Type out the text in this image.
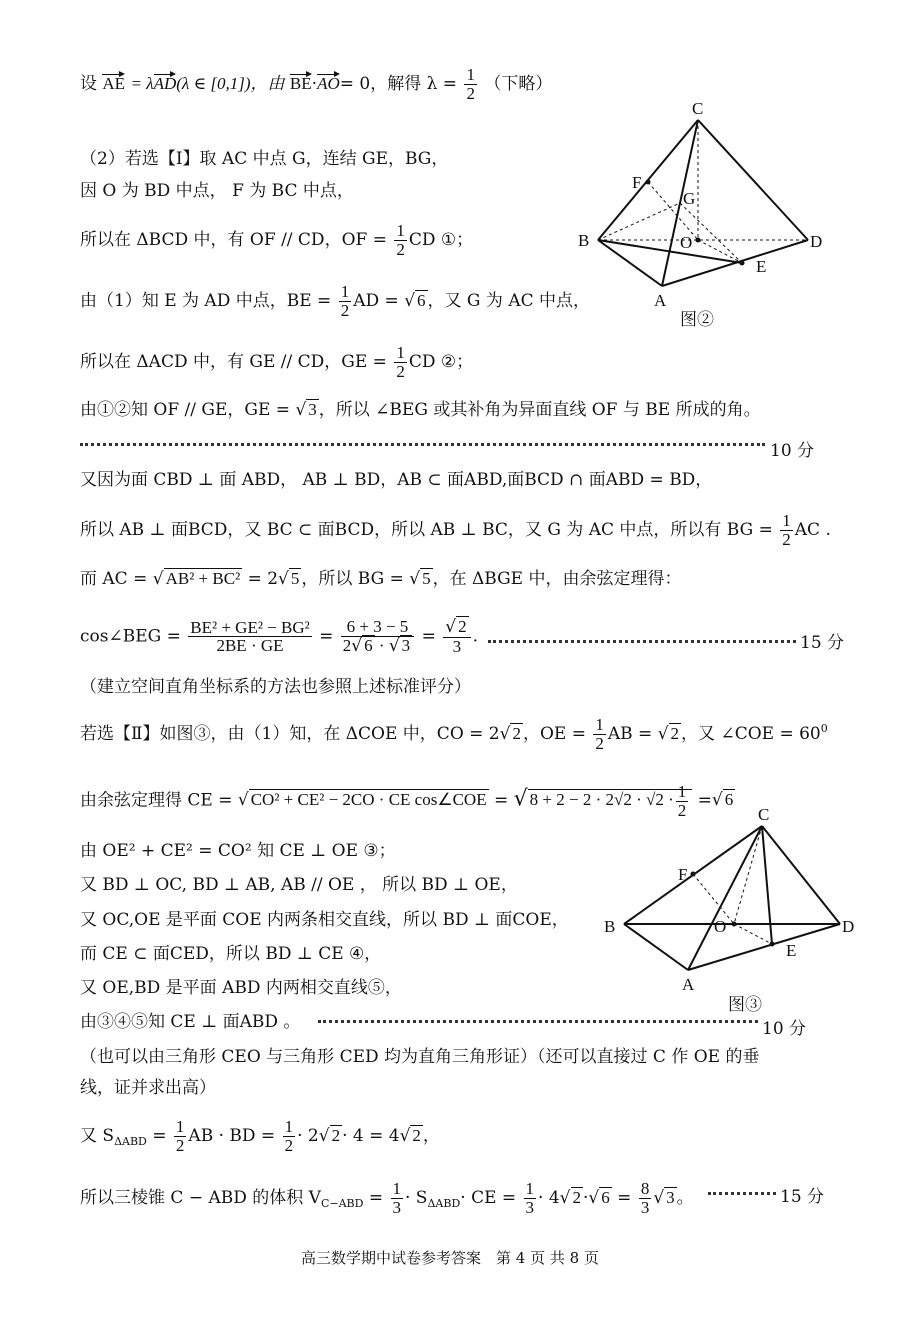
设 AE = λAD(λ ∈ [0,1])，由 BE·AO= 0，解得 $\lambda = \frac{1}{2}$ （下略）
（2）若选【Ⅰ】取 AC 中点 G，连结 GE，BG，
因 O 为 BD 中点， F 为 BC 中点，
所以在 ΔBCD 中，有 OF // CD，OF = $\frac{1}{2}$ CD ①；
由（1）知 E 为 AD 中点，BE = $\frac{1}{2}$ AD = √ 6 ，又 G 为 AC 中点，
所以在 ΔACD 中，有 GE // CD，GE = $\frac{1}{2}$ CD ②；
由①②知 OF // GE，GE = √ 3 ，所以 ∠BEG 或其补角为异面直线 OF 与 BE 所成的角。
10 分
又因为面 CBD ⊥ 面 ABD， AB ⊥ BD，AB ⊂ 面ABD,面BCD ∩ 面ABD = BD，
所以 AB ⊥ 面BCD，又 BC ⊂ 面BCD，所以 AB ⊥ BC，又 G 为 AC 中点，所以有 BG = $\frac{1}{2}$ AC .
而 AC = √ AB² + BC² = 2√ 5 ，所以 BG = √ 5 ，在 ΔBGE 中，由余弦定理得：
cos∠BEG = $\frac{\text{BE² + GE² − BG²}}{2BE \cdot GE} = \frac{6 + 3 - 5}{2√ 6 \cdot √ 3} = \frac{√ 2}{3}$ .	15 分
（建立空间直角坐标系的方法也参照上述标准评分）
若选【Ⅱ】如图③，由（1）知，在 ΔCOE 中，CO = 2√ 2 ，OE = $\frac{1}{2}$ AB = √ 2 ，又 ∠COE = $60^0$
由余弦定理得 CE = √ CO² + CE² − 2CO · CE cos∠COE = √ $8 + 2 - 2 \cdot 2√2 \cdot √2 \cdot \frac{1}{2}$ =√ 6
由 OE² + CE² = CO² 知 CE ⊥ OE ③；
又 BD ⊥ OC, BD ⊥ AB, AB // OE ， 所以 BD ⊥ OE，
又 OC,OE 是平面 COE 内两条相交直线，所以 BD ⊥ 面COE，
而 CE ⊂ 面CED，所以 BD ⊥ CE ④，
又 OE,BD 是平面 ABD 内两相交直线⑤，
由③④⑤知 CE ⊥ 面ABD 。	10 分
（也可以由三角形 CEO 与三角形 CED 均为直角三角形证）（还可以直接过 C 作 OE 的垂
线，证并求出高）
又 $S_{\Delta ABD} = \frac{1}{2}$ AB · BD = $\frac{1}{2} \cdot 2√$ 2 · 4 = 4√ 2 ，
所以三棱锥 C − ABD 的体积 $V_{C-ABD} = \frac{1}{3} \cdot S_{\Delta ABD}\cdot$ CE = $\frac{1}{3} \cdot 4√$ 2 ·√ $6 = \frac{8}{3}$ √ 3 。	15 分
C
F
G
B	O	D
E
A
图②
C
F
B	O	D
E
A
图③
高三数学期中试卷参考答案　第 4 页 共 8 页
